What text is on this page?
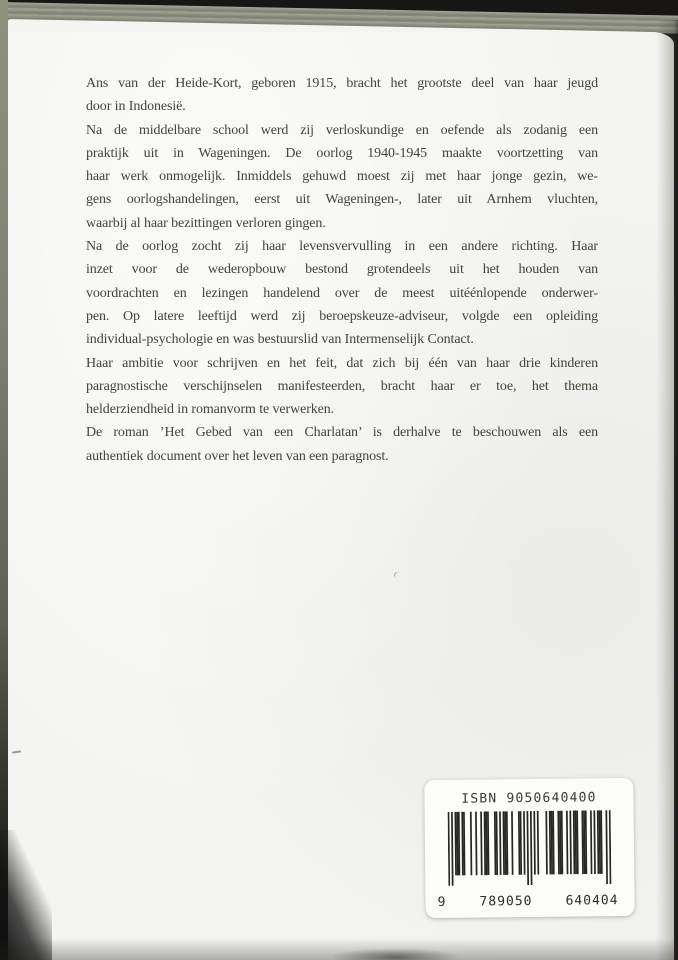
Ans van der Heide-Kort, geboren 1915, bracht het grootste deel van haar jeugd
door in Indonesië.
Na de middelbare school werd zij verloskundige en oefende als zodanig een
praktijk uit in Wageningen. De oorlog 1940-1945 maakte voortzetting van
haar werk onmogelijk. Inmiddels gehuwd moest zij met haar jonge gezin, we-
gens oorlogshandelingen, eerst uit Wageningen-, later uit Arnhem vluchten,
waarbij al haar bezittingen verloren gingen.
Na de oorlog zocht zij haar levensvervulling in een andere richting. Haar
inzet voor de wederopbouw bestond grotendeels uit het houden van
voordrachten en lezingen handelend over de meest uitéénlopende onderwer-
pen. Op latere leeftijd werd zij beroepskeuze-adviseur, volgde een opleiding
individual-psychologie en was bestuurslid van Intermenselijk Contact.
Haar ambitie voor schrijven en het feit, dat zich bij één van haar drie kinderen
paragnostische verschijnselen manifesteerden, bracht haar er toe, het thema
helderziendheid in romanvorm te verwerken.
De roman ’Het Gebed van een Charlatan’ is derhalve te beschouwen als een
authentiek document over het leven van een paragnost.
ISBN 9050640400
9	789050	640404
